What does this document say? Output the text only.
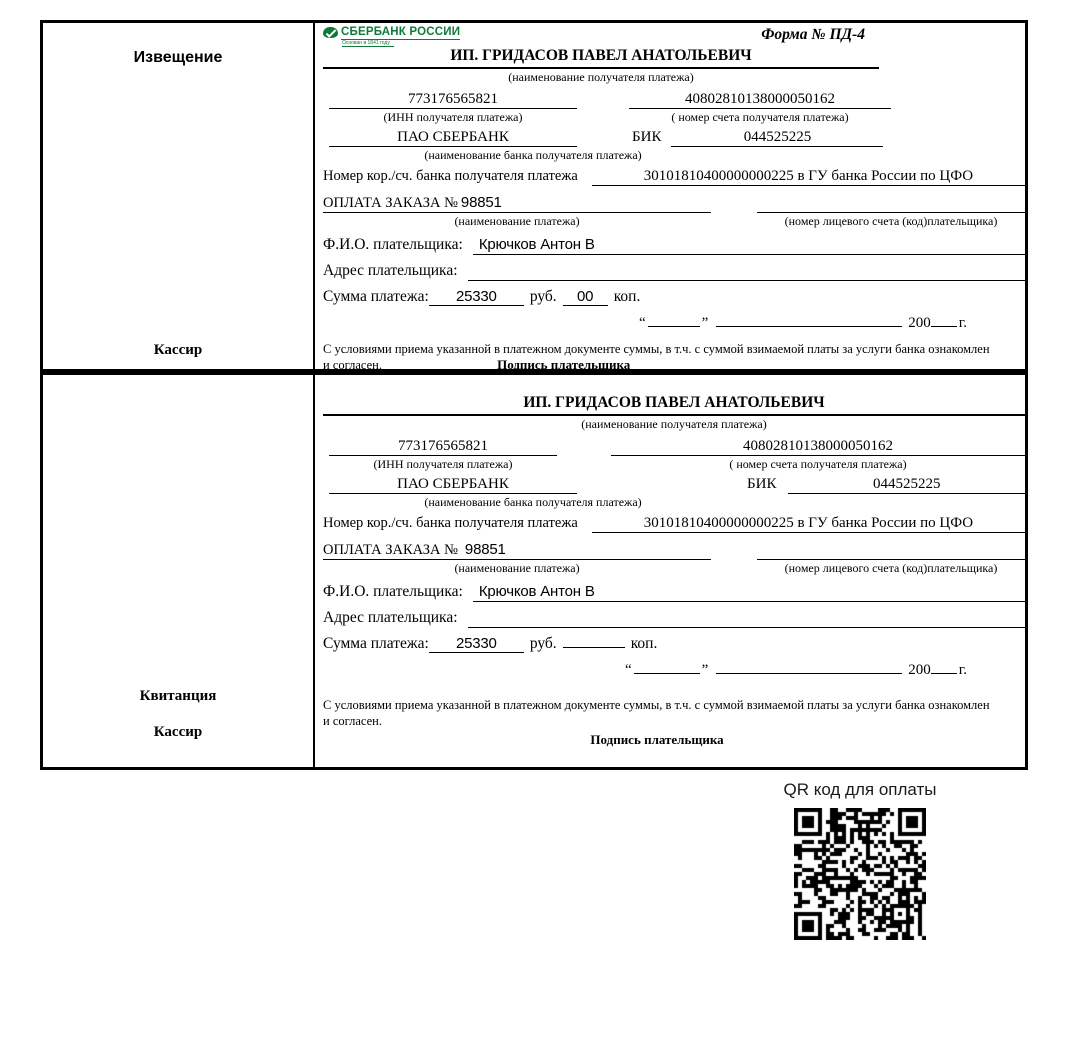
Извещение
Кассир
СБЕРБАНК РОССИИ
Основан в 1841 году	Форма № ПД-4
ИП. ГРИДАСОВ ПАВЕЛ АНАТОЛЬЕВИЧ
(наименование получателя платежа)
773176565821	40802810138000050162
(ИНН получателя платежа)	( номер счета получателя платежа)
ПАО СБЕРБАНК	БИК	044525225
(наименование банка получателя платежа)
Номер кор./сч. банка получателя платежа	30101810400000000225 в ГУ банка России по ЦФО
ОПЛАТА ЗАКАЗА № 98851
(наименование платежа)	(номер лицевого счета (код)плательщика)
Ф.И.О. плательщика:	Крючков Антон В
Адрес плательщика:
Сумма платежа:	25330	руб.	00	коп.
“	”	200 г.
С условиями приема указанной в платежном документе суммы, в т.ч. с суммой взимаемой платы за услуги банка ознакомлен и согласен.	Подпись плательщика
Квитанция
Кассир
ИП. ГРИДАСОВ ПАВЕЛ АНАТОЛЬЕВИЧ
(наименование получателя платежа)
773176565821	40802810138000050162
(ИНН получателя платежа)	( номер счета получателя платежа)
ПАО СБЕРБАНК	БИК	044525225
(наименование банка получателя платежа)
Номер кор./сч. банка получателя платежа	30101810400000000225 в ГУ банка России по ЦФО
ОПЛАТА ЗАКАЗА № 98851
(наименование платежа)	(номер лицевого счета (код)плательщика)
Ф.И.О. плательщика:	Крючков Антон В
Адрес плательщика:
Сумма платежа:	25330	руб.	коп.
“	”	200 г.
С условиями приема указанной в платежном документе суммы, в т.ч. с суммой взимаемой платы за услуги банка ознакомлен и согласен.
Подпись плательщика
QR код для оплаты
